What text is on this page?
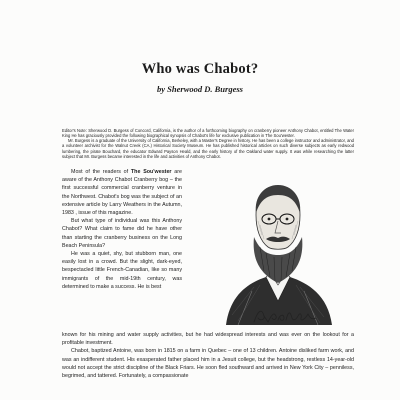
Who was Chabot?
by Sherwood D. Burgess

Editor's Note: Sherwood D. Burgess of Concord, California, is the author of a forthcoming biography on cranberry pioneer Anthony Chabot, entitled The Water King He has graciously provided the following biographical synopsis of Chabot's life for exclusive publication in The Sou'wester.

Mr. Burgess is a graduate of the University of California, Berkeley, with a Master's Degree in history. He has been a college instructor and administrator, and a volunteer archivist for the Walnut Creek (CA.) Historical Society Museum. He has published historical articles on such diverse subjects as early redwood lumbering, the pirate Bouchard, the educator Edward Payson Heald, and the early history of the Oakland water supply. It was while researching the latter subject that Mr. Burgess became interested in the life and activities of Anthony Chabot.

Most of the readers of The Sou'wester are aware of the Anthony Chabot Cranberry bog – the first successful commercial cranberry venture in the Northwest. Chabot's bog was the subject of an extensive article by Larry Weathers in the Autumn, 1983 , issue of this magazine.

But what type of individual was this Anthony Chabot? What claim to fame did he have other than starting the cranberry business on the Long Beach Peninsula?

He was a quiet, shy, but stubborn man, one easily lost in a crowd. But the slight, dark-eyed, bespectacled little French-Canadian, like so many immigrants of the mid-19th century, was determined to make a success. He is best

known for his mining and water supply activities, but he had widespread interests and was ever on the lookout for a profitable investment.

Chabot, baptized Antoine, was born in 1815 on a farm in Quebec – one of 13 children. Antoine disliked farm work, and was an indifferent student. His exasperated father placed him in a Jesuit college, but the headstrong, restless 14-year-old would not accept the strict discipline of the Black Friars. He soon fled southward and arrived in New York City – penniless, begrimed, and tattered. Fortunately, a compassionate
